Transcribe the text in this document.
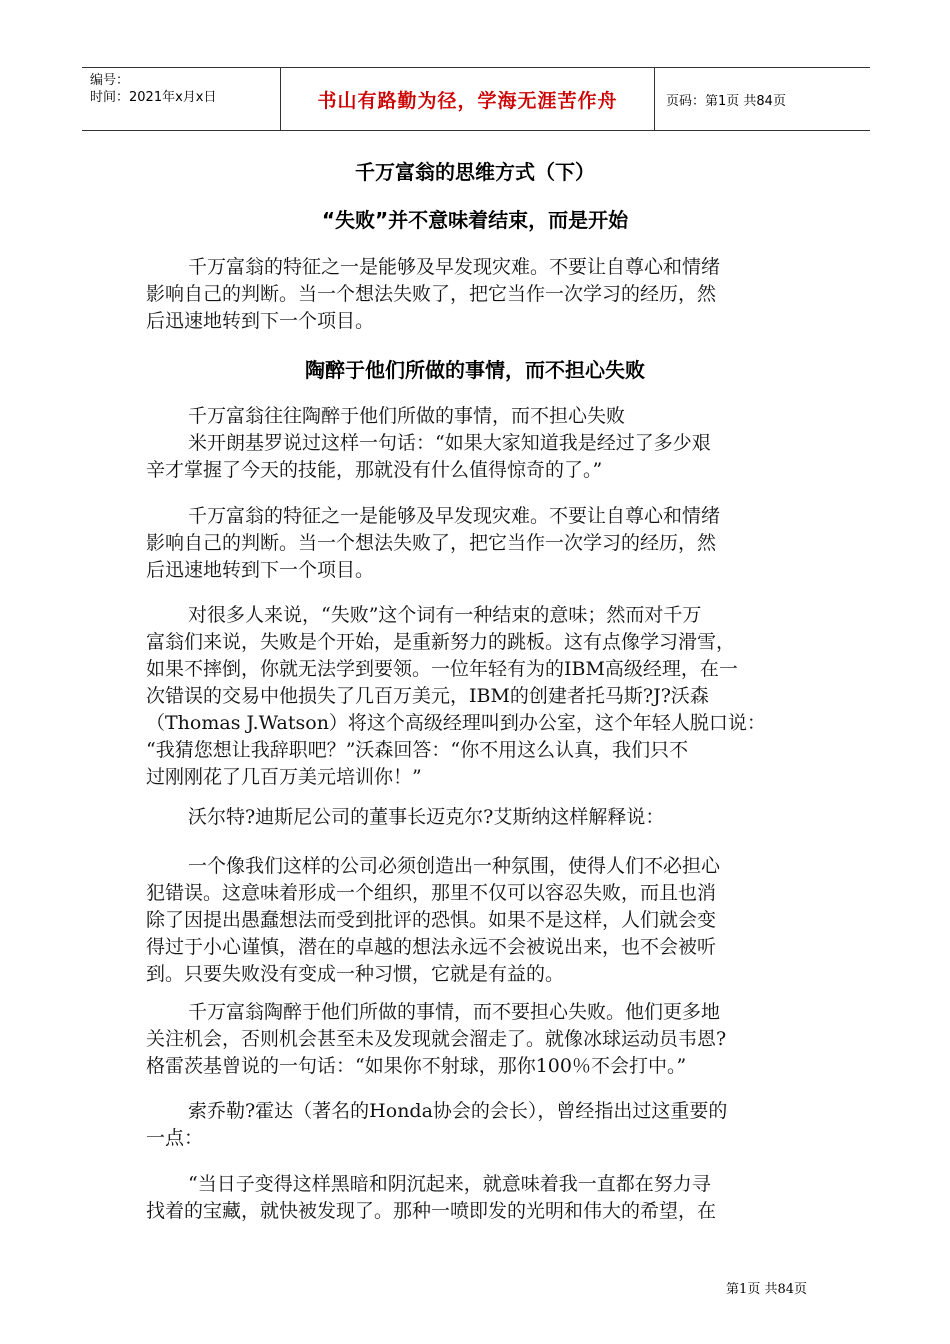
编号：
时间：2021年x月x日	书山有路勤为径，学海无涯苦作舟	页码：第1页 共84页
千万富翁的思维方式（下）
“失败”并不意味着结束，而是开始
千万富翁的特征之一是能够及早发现灾难。不要让自尊心和情绪
影响自己的判断。当一个想法失败了，把它当作一次学习的经历，然
后迅速地转到下一个项目。
陶醉于他们所做的事情，而不担心失败
千万富翁往往陶醉于他们所做的事情，而不担心失败
米开朗基罗说过这样一句话：“如果大家知道我是经过了多少艰
辛才掌握了今天的技能，那就没有什么值得惊奇的了。”
千万富翁的特征之一是能够及早发现灾难。不要让自尊心和情绪
影响自己的判断。当一个想法失败了，把它当作一次学习的经历，然
后迅速地转到下一个项目。
对很多人来说，“失败”这个词有一种结束的意味；然而对千万
富翁们来说，失败是个开始，是重新努力的跳板。这有点像学习滑雪，
如果不摔倒，你就无法学到要领。一位年轻有为的IBM高级经理，在一
次错误的交易中他损失了几百万美元，IBM的创建者托马斯?J?沃森
（Thomas J.Watson）将这个高级经理叫到办公室，这个年轻人脱口说：
“我猜您想让我辞职吧？”沃森回答：“你不用这么认真，我们只不
过刚刚花了几百万美元培训你！”
沃尔特?迪斯尼公司的董事长迈克尔?艾斯纳这样解释说：
一个像我们这样的公司必须创造出一种氛围，使得人们不必担心
犯错误。这意味着形成一个组织，那里不仅可以容忍失败，而且也消
除了因提出愚蠢想法而受到批评的恐惧。如果不是这样，人们就会变
得过于小心谨慎，潜在的卓越的想法永远不会被说出来，也不会被听
到。只要失败没有变成一种习惯，它就是有益的。
千万富翁陶醉于他们所做的事情，而不要担心失败。他们更多地
关注机会，否则机会甚至未及发现就会溜走了。就像冰球运动员韦恩?
格雷茨基曾说的一句话：“如果你不射球，那你100％不会打中。”
索乔勒?霍达（著名的Honda协会的会长），曾经指出过这重要的
一点：
“当日子变得这样黑暗和阴沉起来，就意味着我一直都在努力寻
找着的宝藏，就快被发现了。那种一喷即发的光明和伟大的希望，在
第1页 共84页
